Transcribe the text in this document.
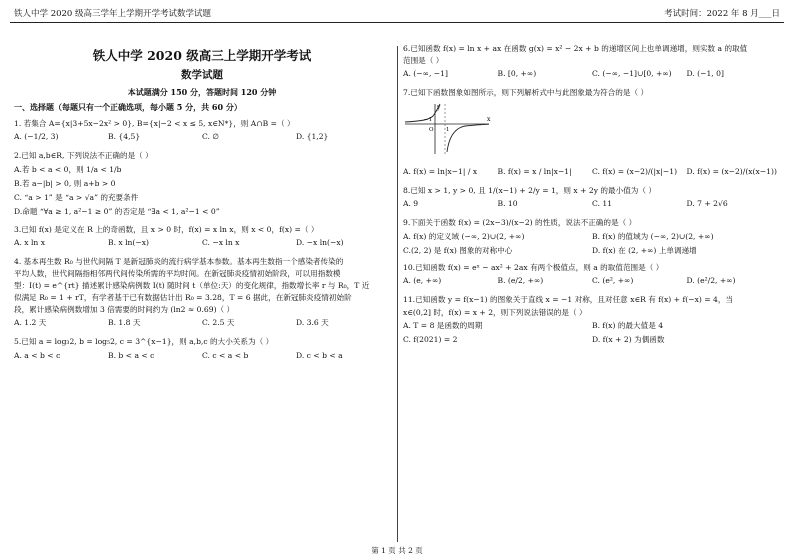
铁人中学 2020 级高三学年上学期开学考试数学试题	考试时间：2022 年 8 月___日
铁人中学 2020 级高三上学期开学考试
数学试题
本试题满分 150 分，答题时间 120 分钟
一、选择题（每题只有一个正确选项，每小题 5 分，共 60 分）
1. 若集合 A={x|3+5x−2x² > 0}, B={x|−2 < x ≤ 5, x∈N*}，则 A∩B =（ ）
A. (−1/2, 3)	B. {4,5}	C. ∅	D. {1,2}
2.已知 a,b∈R, 下列说法不正确的是（ ）
A.若 b < a < 0，则 1/a < 1/b
B.若 a−|b| > 0, 则 a+b > 0
C. “a > 1” 是 “a > √a” 的充要条件
D.命题 “∀a ≥ 1, a²−1 ≥ 0” 的否定是 “∃a < 1, a²−1 < 0”
3.已知 f(x) 是定义在 R 上的奇函数，且 x > 0 时，f(x) = x ln x，则 x < 0，f(x) =（ ）
A. x ln x	B. x ln(−x)	C. −x ln x	D. −x ln(−x)
4. 基本再生数 R₀ 与世代间隔 T 是新冠肺炎的流行病学基本参数。基本再生数指一个感染者传染的
平均人数，世代间隔指相邻两代间传染所需的平均时间。在新冠肺炎疫情初始阶段，可以用指数模
型：I(t) = e^{rt} 描述累计感染病例数 I(t) 随时间 t（单位:天）的变化规律，指数增长率 r 与 R₀，T 近
似满足 R₀ = 1 + rT，有学者基于已有数据估计出 R₀ = 3.28，T = 6 据此，在新冠肺炎疫情初始阶
段，累计感染病例数增加 3 倍需要的时间约为 (ln2 ≈ 0.69)（ ）
A. 1.2 天	B. 1.8 天	C. 2.5 天	D. 3.6 天
5.已知 a = log₃2, b = log₅2, c = 3^{x−1}，则 a,b,c 的大小关系为（ ）
A. a < b < c	B. b < a < c	C. c < a < b	D. c < b < a
6.已知函数 f(x) = ln x + ax 在函数 g(x) = x² − 2x + b 的递增区间上也单调递增，则实数 a 的取值
范围是（ ）
A. (−∞, −1]	B. [0, +∞)	C. (−∞, −1]∪[0, +∞)	D. (−1, 0]
7.已知下函数图象如图所示，则下列解析式中与此图象最为符合的是（ ）
x
y
O 1
−1
A. f(x) = ln|x−1| / x	B. f(x) = x / ln|x−1|	C. f(x) = (x−2)/(|x|−1)	D. f(x) = (x−2)/(x(x−1))
8.已知 x > 1, y > 0, 且 1/(x−1) + 2/y = 1，则 x + 2y 的最小值为（ ）
A. 9	B. 10	C. 11	D. 7 + 2√6
9.下面关于函数 f(x) = (2x−3)/(x−2) 的性质，说法不正确的是（ ）
A. f(x) 的定义域 (−∞, 2)∪(2, +∞)	B. f(x) 的值域为 (−∞, 2)∪(2, +∞)
C.(2, 2) 是 f(x) 图象的对称中心	D. f(x) 在 (2, +∞) 上单调递增
10.已知函数 f(x) = eˣ − ax² + 2ax 有两个极值点，则 a 的取值范围是（ ）
A. (e, +∞)	B. (e/2, +∞)	C. (e², +∞)	D. (e²/2, +∞)
11.已知函数 y = f(x−1) 的图象关于直线 x = −1 对称，且对任意 x∈R 有 f(x) + f(−x) = 4，当
x∈(0,2] 时，f(x) = x + 2，则下列说法错误的是（ ）
A. T = 8 是函数的周期	B. f(x) 的最大值是 4
C. f(2021) = 2	D. f(x + 2) 为偶函数
第 1 页 共 2 页
